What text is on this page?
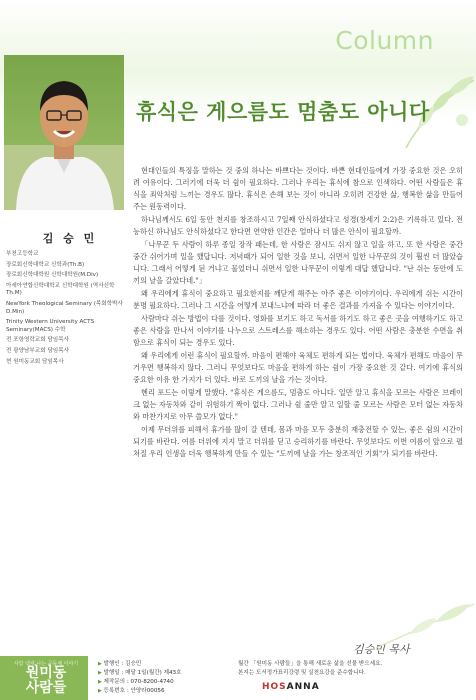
Column
휴식은 게으름도 멈춤도 아니다
김 승 민
부천고등학교
장로회신학대학교 신학과(Th.B)
장로회신학대학원 신학대학원(M.Div)
아세아연합신학대학교 신학대학원 (역사신학 Th.M)
NewYork Theological Seminary (목회학박사 D.Min)
Trinity Western University ACTS Seminary(MACS) 수학
전 포항영락교회 담임목사
전 광양남부교회 담임목사
현 원미동교회 담임목사

현대인들의 특징을 말하는 것 중의 하나는 바쁘다는 것이다. 바쁜 현대인들에게 가장 중요한 것은 오히려 여유이다. 그러기에 더욱 더 쉼이 필요하다. 그러나 우리는 휴식에 참으로 인색하다. 어떤 사람들은 휴식을 죄악처럼 느끼는 경우도 많다. 휴식은 손해 보는 것이 아니라 오히려 건강한 삶, 행복한 삶을 만들어 주는 원동력이다.

하나님께서도 6일 동안 천지를 창조하시고 7일째 안식하셨다고 성경(창세기 2:2)은 기록하고 있다. 전능하신 하나님도 안식하셨다고 한다면 연약한 인간은 얼마나 더 많은 안식이 필요할까.

「나무꾼 두 사람이 하루 종일 장작 패는데, 한 사람은 잠시도 쉬지 않고 일을 하고, 또 한 사람은 중간 중간 쉬어가며 일을 했답니다. 저녁때가 되어 일한 것을 보니, 쉬면서 일한 나무꾼의 것이 훨씬 더 많았습니다. 그래서 어떻게 된 거냐고 물었더니 쉬면서 일한 나무꾼이 이렇게 대답 했답니다. "난 쉬는 동안에 도끼의 날을 갈았다네."」

왜 우리에게 휴식이 중요하고 필요한지를 깨닫게 해주는 아주 좋은 이야기이다. 우리에게 쉬는 시간이 분명 필요하다. 그러나 그 시간을 어떻게 보내느냐에 따라 더 좋은 결과를 가져올 수 있다는 이야기이다.

사람마다 쉬는 방법이 다를 것이다. 영화를 보기도 하고 독서를 하기도 하고 좋은 곳을 여행하기도 하고 좋은 사람을 만나서 이야기를 나누으로 스트레스를 해소하는 경우도 있다. 어떤 사람은 충분한 수면을 취함으로 휴식이 되는 경우도 있다.

왜 우리에게 이런 휴식이 필요할까. 마음이 편해야 육체도 편하게 되는 법이다. 육체가 편해도 마음이 무거우면 행복하지 않다. 그러니 무엇보다도 마음을 편하게 하는 쉼이 가장 중요한 것 같다. 여기에 휴식의 중요한 이유 한 가지가 더 있다. 바로 도끼의 날을 가는 것이다.

헨리 포드는 이렇게 말했다. "휴식은 게으름도, 멈춤도 아니다. 일만 알고 휴식을 모르는 사람은 브레이크 없는 자동차와 같이 위험하기 짝이 없다. 그러나 쉴 줄만 알고 일할 줄 모르는 사람은 모터 없는 자동차와 마찬가지로 아무 쓸모가 없다."

이제 무더위를 피해서 휴가를 많이 갈 텐데, 몸과 마음 모두 충분히 재충전할 수 있는, 좋은 쉼의 시간이 되기를 바란다. 여름 더위에 지지 말고 더위를 딛고 승리하기를 바란다. 무엇보다도 이번 여름이 앞으로 펼쳐질 우리 인생을 더욱 행복하게 만들 수 있는 "도끼에 날을 가는 창조적인 기회"가 되기를 바란다.

김승민 목사
사람 냄새 나는 공동체 이야기
원미동
사람들
▶ 발행인 : 김승민
▶ 발행일 : 매달 1일(월간) 제43호
▶ 제작문의 : 070-8200-4740
▶ 등록번호 : 안양라00056
월간 「원미동 사람들」을 통해 새로운 삶을 선물 받으세요.
본지는 도서정가표리강령 및 실천요강을 준수합니다.
HOSANNA
